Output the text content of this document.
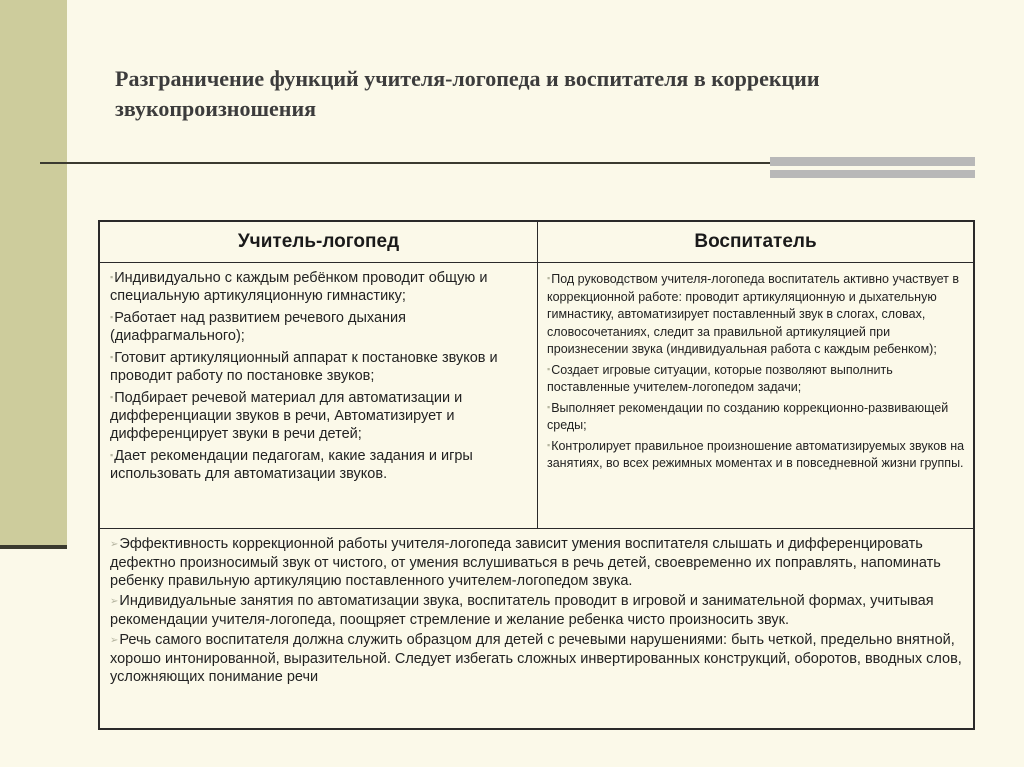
Разграничение функций учителя-логопеда и воспитателя в коррекции звукопроизношения
Учитель-логопед	Воспитатель
▪Индивидуально с каждым ребёнком проводит общую и специальную артикуляционную гимнастику;
▪Работает над развитием речевого дыхания (диафрагмального);
▪Готовит артикуляционный аппарат к постановке звуков и проводит работу по постановке звуков;
▪Подбирает речевой материал для автоматизации и дифференциации звуков в речи, Автоматизирует и дифференцирует звуки в речи детей;
▪Дает рекомендации педагогам, какие задания и игры использовать для автоматизации звуков.
▪Под руководством учителя-логопеда воспитатель активно участвует в коррекционной работе: проводит артикуляционную и дыхательную гимнастику, автоматизирует поставленный звук в слогах, словах, словосочетаниях, следит за правильной артикуляцией при произнесении звука (индивидуальная работа с каждым ребенком);
▪Создает игровые ситуации, которые позволяют выполнить поставленные учителем-логопедом задачи;
▪Выполняет рекомендации по созданию коррекционно-развивающей среды;
▪Контролирует правильное произношение автоматизируемых звуков на занятиях, во всех режимных моментах и в повседневной жизни группы.
➢Эффективность коррекционной работы учителя-логопеда зависит умения воспитателя слышать и дифференцировать дефектно произносимый звук от чистого, от умения вслушиваться в речь детей, своевременно их поправлять, напоминать ребенку правильную артикуляцию поставленного учителем-логопедом звука.
➢Индивидуальные занятия по автоматизации звука, воспитатель проводит в игровой и занимательной формах, учитывая рекомендации учителя-логопеда, поощряет стремление и желание ребенка чисто произносить звук.
➢Речь самого воспитателя должна служить образцом для детей с речевыми нарушениями: быть четкой, предельно внятной, хорошо интонированной, выразительной. Следует избегать сложных инвертированных конструкций, оборотов, вводных слов, усложняющих понимание речи
